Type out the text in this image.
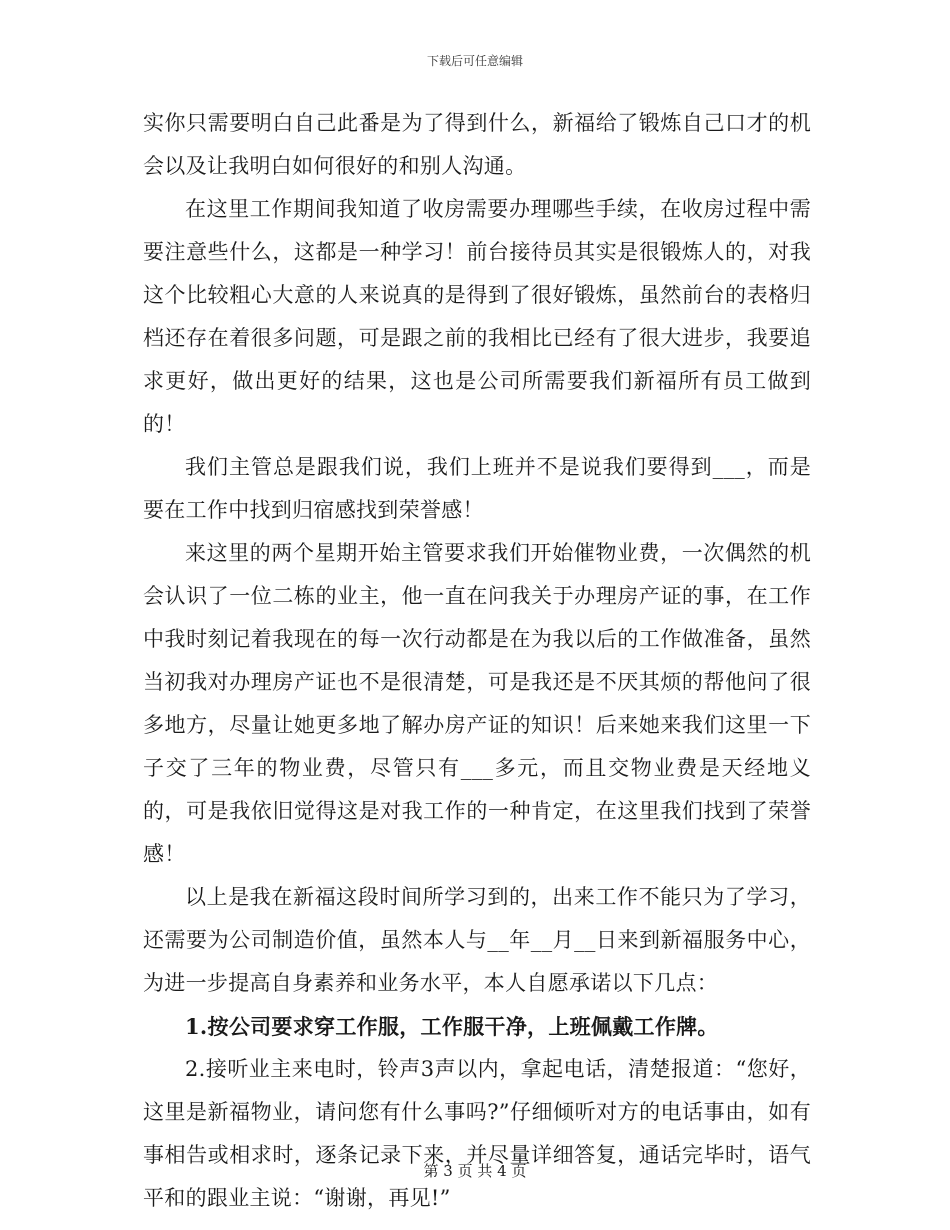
下载后可任意编辑

实你只需要明白自己此番是为了得到什么，新福给了锻炼自己口才的机会以及让我明白如何很好的和别人沟通。

在这里工作期间我知道了收房需要办理哪些手续，在收房过程中需要注意些什么，这都是一种学习！前台接待员其实是很锻炼人的，对我这个比较粗心大意的人来说真的是得到了很好锻炼，虽然前台的表格归档还存在着很多问题，可是跟之前的我相比已经有了很大进步，我要追求更好，做出更好的结果，这也是公司所需要我们新福所有员工做到的！

我们主管总是跟我们说，我们上班并不是说我们要得到___，而是要在工作中找到归宿感找到荣誉感！

来这里的两个星期开始主管要求我们开始催物业费，一次偶然的机会认识了一位二栋的业主，他一直在问我关于办理房产证的事，在工作中我时刻记着我现在的每一次行动都是在为我以后的工作做准备，虽然当初我对办理房产证也不是很清楚，可是我还是不厌其烦的帮他问了很多地方，尽量让她更多地了解办房产证的知识！后来她来我们这里一下子交了三年的物业费，尽管只有___多元，而且交物业费是天经地义的，可是我依旧觉得这是对我工作的一种肯定，在这里我们找到了荣誉感！

以上是我在新福这段时间所学习到的，出来工作不能只为了学习，还需要为公司制造价值，虽然本人与__年__月__日来到新福服务中心，为进一步提高自身素养和业务水平，本人自愿承诺以下几点：

1.按公司要求穿工作服，工作服干净，上班佩戴工作牌。

2.接听业主来电时，铃声3声以内，拿起电话，清楚报道：“您好，这里是新福物业，请问您有什么事吗?”仔细倾听对方的电话事由，如有事相告或相求时，逐条记录下来，并尽量详细答复，通话完毕时，语气平和的跟业主说：“谢谢，再见!”

第 3 页 共 4 页
